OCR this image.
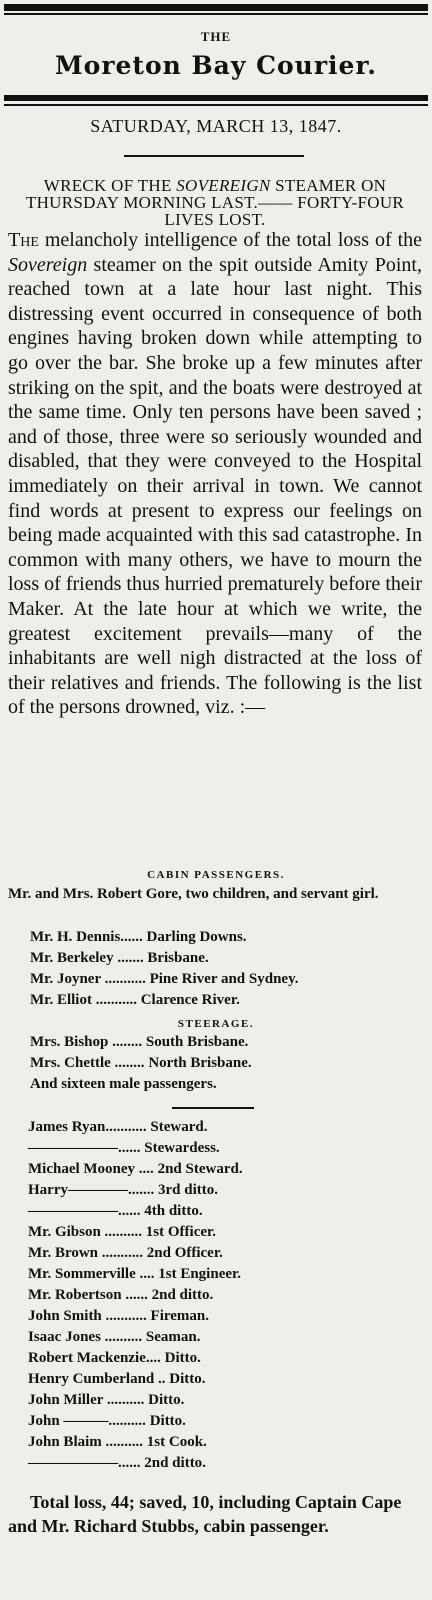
THE
Moreton Bay Courier.
SATURDAY, MARCH 13, 1847.
WRECK OF THE SOVEREIGN STEAMER ON THURSDAY MORNING LAST.—— FORTY-FOUR LIVES LOST.

The melancholy intelligence of the total loss of the Sovereign steamer on the spit outside Amity Point, reached town at a late hour last night. This distressing event occurred in consequence of both engines having broken down while attempting to go over the bar. She broke up a few minutes after striking on the spit, and the boats were destroyed at the same time. Only ten persons have been saved ; and of those, three were so seriously wounded and disabled, that they were conveyed to the Hospital immediately on their arrival in town. We cannot find words at present to express our feelings on being made acquainted with this sad catastrophe. In common with many others, we have to mourn the loss of friends thus hurried prematurely before their Maker. At the late hour at which we write, the greatest excitement prevails—many of the inhabitants are well nigh distracted at the loss of their relatives and friends. The following is the list of the persons drowned, viz. :—

CABIN PASSENGERS.
Mr. and Mrs. Robert Gore, two children, and servant girl.
Mr. H. Dennis......
Darling Downs.
Mr. Berkeley .......
Brisbane.
Mr. Joyner ...........
Pine River and Sydney.
Mr. Elliot ...........
Clarence River.
STEERAGE.
Mrs. Bishop ........
South Brisbane.
Mrs. Chettle ........
North Brisbane.
And sixteen male passengers.
James Ryan...........
Steward.
——————......
Stewardess.
Michael Mooney ....
2nd Steward.
Harry————.......
3rd ditto.
——————......
4th ditto.
Mr. Gibson ..........
1st Officer.
Mr. Brown ...........
2nd Officer.
Mr. Sommerville ....
1st Engineer.
Mr. Robertson ......
2nd ditto.
John Smith ...........
Fireman.
Isaac Jones ..........
Seaman.
Robert Mackenzie....
Ditto.
Henry Cumberland ..
Ditto.
John Miller ..........
Ditto.
John ———..........
Ditto.
John Blaim ..........
1st Cook.
——————......
2nd ditto.
Total loss, 44; saved, 10, including Captain Cape and Mr. Richard Stubbs, cabin passenger.
